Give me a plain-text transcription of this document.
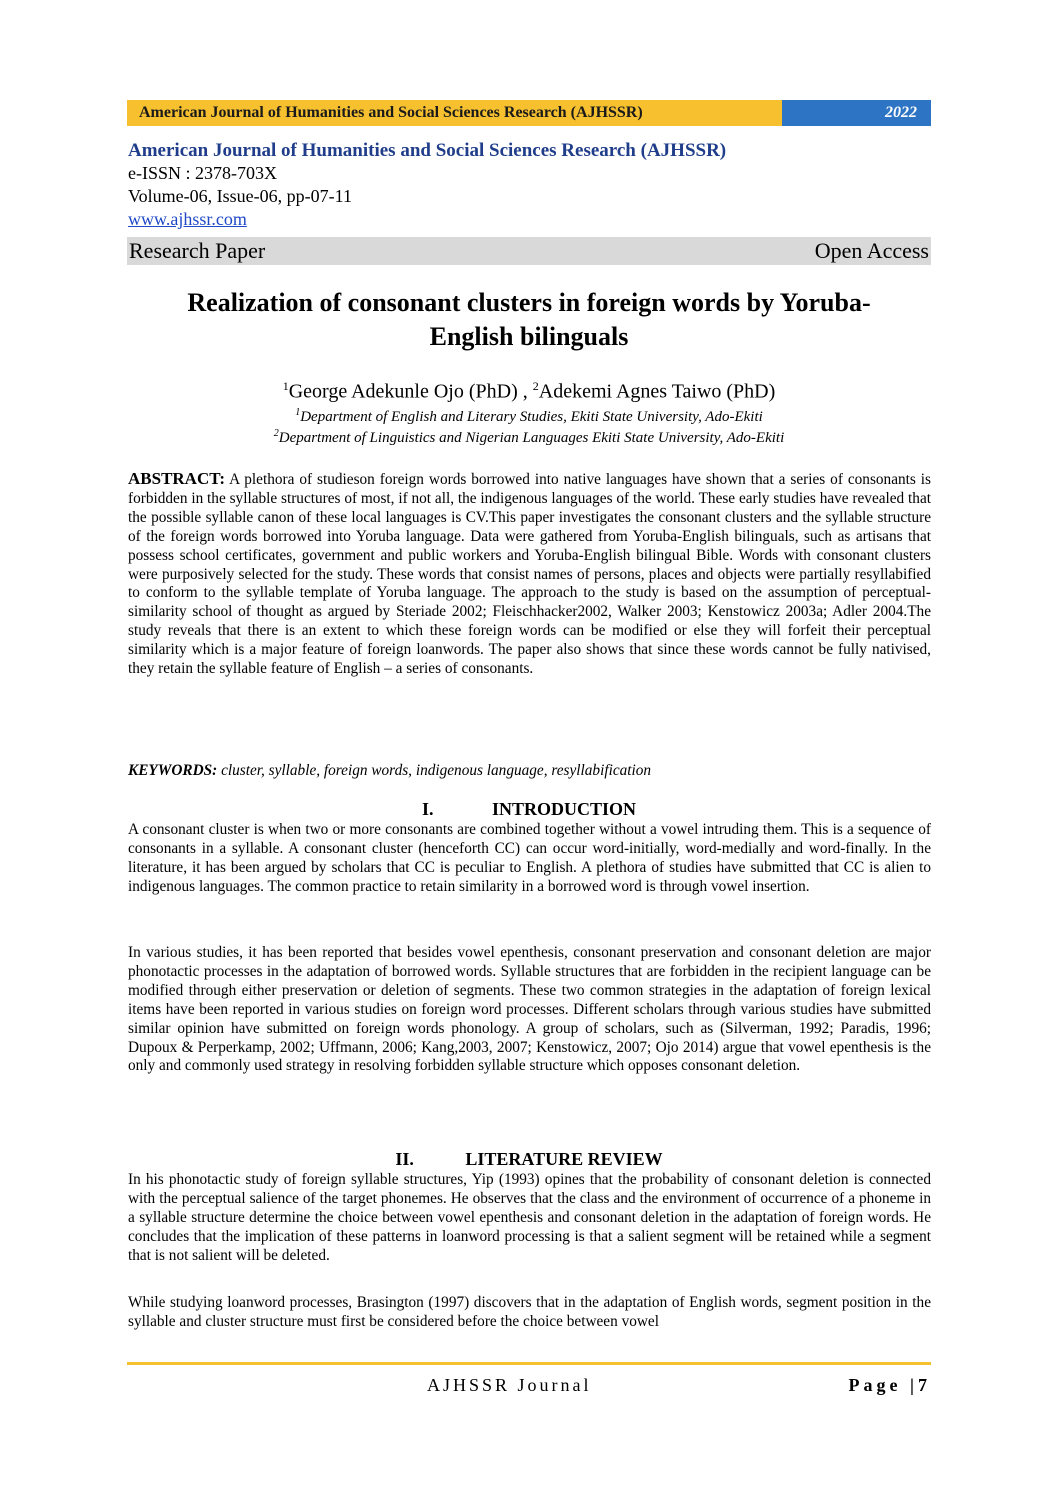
American Journal of Humanities and Social Sciences Research (AJHSSR)	2022
American Journal of Humanities and Social Sciences Research (AJHSSR)
e-ISSN : 2378-703X
Volume-06, Issue-06, pp-07-11
www.ajhssr.com
Research Paper	Open Access
Realization of consonant clusters in foreign words by Yoruba-
English bilinguals
$^1$George Adekunle Ojo (PhD) , $^2$Adekemi Agnes Taiwo (PhD)
$^1$Department of English and Literary Studies, Ekiti State University, Ado-Ekiti
$^2$Department of Linguistics and Nigerian Languages Ekiti State University, Ado-Ekiti
ABSTRACT: A plethora of studieson foreign words borrowed into native languages have shown that a series of consonants is forbidden in the syllable structures of most, if not all, the indigenous languages of the world. These early studies have revealed that the possible syllable canon of these local languages is CV.This paper investigates the consonant clusters and the syllable structure of the foreign words borrowed into Yoruba language. Data were gathered from Yoruba-English bilinguals, such as artisans that possess school certificates, government and public workers and Yoruba-English bilingual Bible. Words with consonant clusters were purposively selected for the study. These words that consist names of persons, places and objects were partially resyllabified to conform to the syllable template of Yoruba language. The approach to the study is based on the assumption of perceptual-similarity school of thought as argued by Steriade 2002; Fleischhacker2002, Walker 2003; Kenstowicz 2003a; Adler 2004.The study reveals that there is an extent to which these foreign words can be modified or else they will forfeit their perceptual similarity which is a major feature of foreign loanwords. The paper also shows that since these words cannot be fully nativised, they retain the syllable feature of English – a series of consonants.
KEYWORDS: cluster, syllable, foreign words, indigenous language, resyllabification
I.	INTRODUCTION
A consonant cluster is when two or more consonants are combined together without a vowel intruding them. This is a sequence of consonants in a syllable. A consonant cluster (henceforth CC) can occur word-initially, word-medially and word-finally. In the literature, it has been argued by scholars that CC is peculiar to English. A plethora of studies have submitted that CC is alien to indigenous languages. The common practice to retain similarity in a borrowed word is through vowel insertion.
In various studies, it has been reported that besides vowel epenthesis, consonant preservation and consonant deletion are major phonotactic processes in the adaptation of borrowed words. Syllable structures that are forbidden in the recipient language can be modified through either preservation or deletion of segments. These two common strategies in the adaptation of foreign lexical items have been reported in various studies on foreign word processes. Different scholars through various studies have submitted similar opinion have submitted on foreign words phonology. A group of scholars, such as (Silverman, 1992; Paradis, 1996; Dupoux & Perperkamp, 2002; Uffmann, 2006; Kang,2003, 2007; Kenstowicz, 2007; Ojo 2014) argue that vowel epenthesis is the only and commonly used strategy in resolving forbidden syllable structure which opposes consonant deletion.
II.	LITERATURE REVIEW
In his phonotactic study of foreign syllable structures, Yip (1993) opines that the probability of consonant deletion is connected with the perceptual salience of the target phonemes. He observes that the class and the environment of occurrence of a phoneme in a syllable structure determine the choice between vowel epenthesis and consonant deletion in the adaptation of foreign words. He concludes that the implication of these patterns in loanword processing is that a salient segment will be retained while a segment that is not salient will be deleted.
While studying loanword processes, Brasington (1997) discovers that in the adaptation of English words, segment position in the syllable and cluster structure must first be considered before the choice between vowel
AJHSSR Journal	Page |7
